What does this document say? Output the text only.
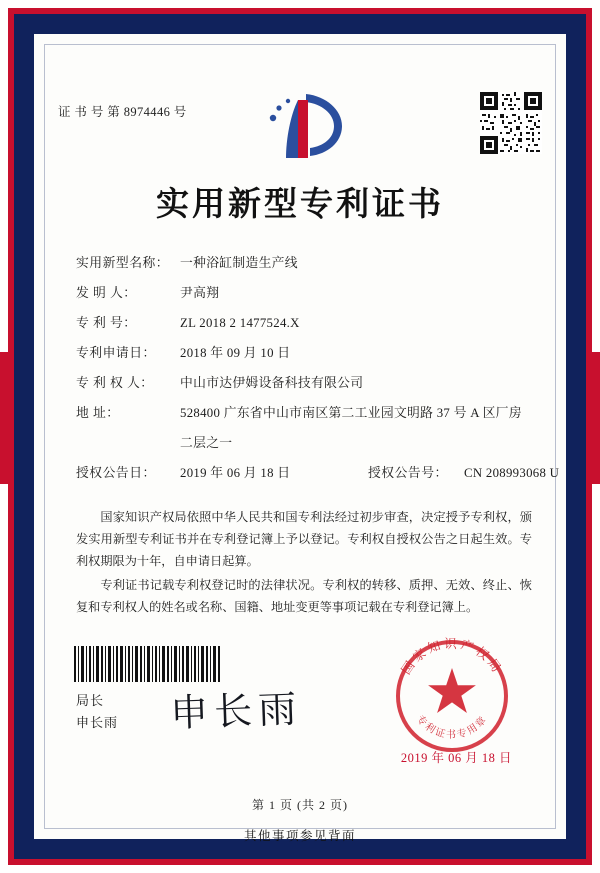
证 书 号 第 8974446 号
实用新型专利证书
实用新型名称： 一种浴缸制造生产线
发 明 人：	尹高翔
专 利 号：	ZL 2018 2 1477524.X
专利申请日：	2018 年 09 月 10 日
专 利 权 人：	中山市达伊姆设备科技有限公司
地 址：	528400 广东省中山市南区第二工业园文明路 37 号 A 区厂房
二层之一
授权公告日：	2019 年 06 月 18 日	授权公告号：	CN 208993068 U

国家知识产权局依照中华人民共和国专利法经过初步审查，决定授予专利权，颁发实用新型专利证书并在专利登记簿上予以登记。专利权自授权公告之日起生效。专利权期限为十年，自申请日起算。

专利证书记载专利权登记时的法律状况。专利权的转移、质押、无效、终止、恢复和专利权人的姓名或名称、国籍、地址变更等事项记载在专利登记簿上。

局长
申长雨 申长雨
国家知识产权局
专利证书专用章
2019 年 06 月 18 日
第 1 页 (共 2 页)
其他事项参见背面
